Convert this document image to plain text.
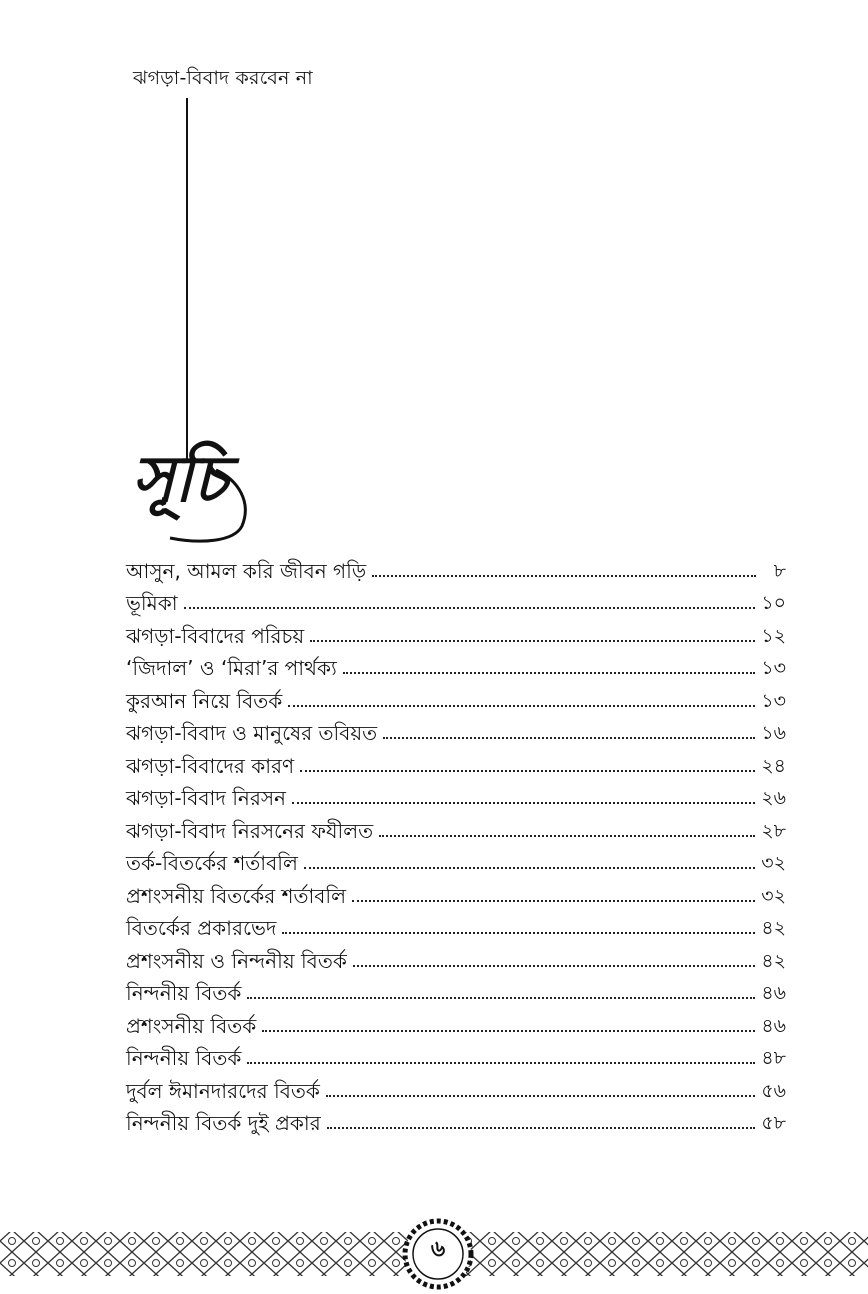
ঝগড়া-বিবাদ করবেন না
সূচি
আসুন, আমল করি জীবন গড়ি	৮
ভূমিকা	১০
ঝগড়া-বিবাদের পরিচয়	১২
‘জিদাল’ ও ‘মিরা’র পার্থক্য	১৩
কুরআন নিয়ে বিতর্ক	১৩
ঝগড়া-বিবাদ ও মানুষের তবিয়ত	১৬
ঝগড়া-বিবাদের কারণ	২৪
ঝগড়া-বিবাদ নিরসন	২৬
ঝগড়া-বিবাদ নিরসনের ফযীলত	২৮
তর্ক-বিতর্কের শর্তাবলি	৩২
প্রশংসনীয় বিতর্কের শর্তাবলি	৩২
বিতর্কের প্রকারভেদ	৪২
প্রশংসনীয় ও নিন্দনীয় বিতর্ক	৪২
নিন্দনীয় বিতর্ক	৪৬
প্রশংসনীয় বিতর্ক	৪৬
নিন্দনীয় বিতর্ক	৪৮
দুর্বল ঈমানদারদের বিতর্ক	৫৬
নিন্দনীয় বিতর্ক দুই প্রকার	৫৮
৬
